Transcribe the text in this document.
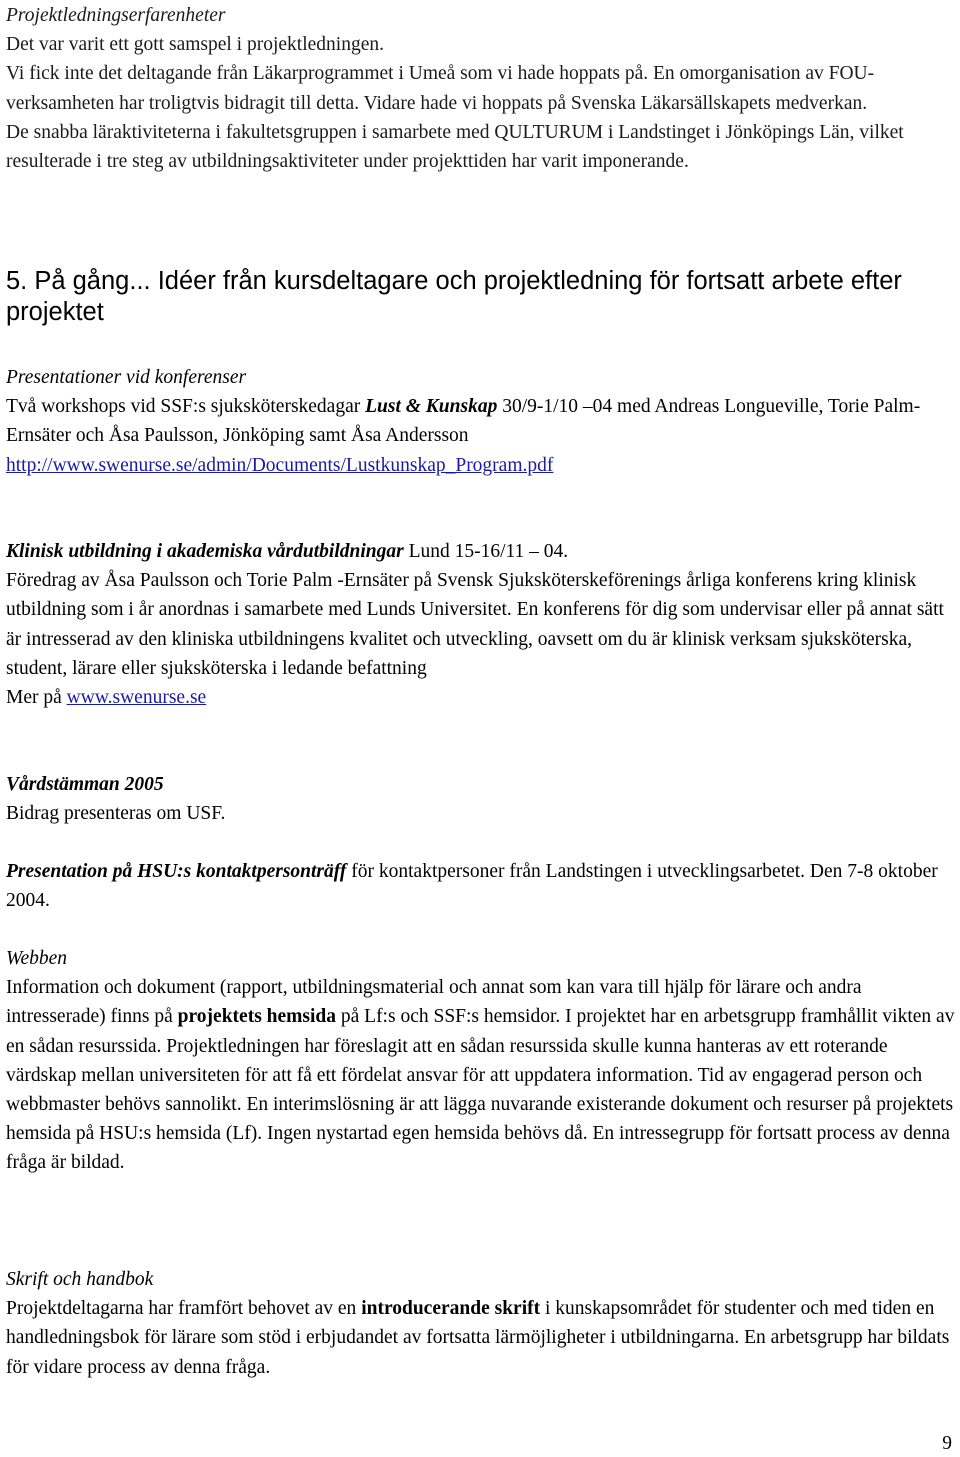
Projektledningserfarenheter

Det var varit ett gott samspel i projektledningen.

Vi fick inte det deltagande från Läkarprogrammet i Umeå som vi hade hoppats på. En omorganisation av FOU-verksamheten har troligtvis bidragit till detta. Vidare hade vi hoppats på Svenska Läkarsällskapets medverkan.

De snabba läraktiviteterna i fakultetsgruppen i samarbete med QULTURUM i Landstinget i Jönköpings Län, vilket resulterade i tre steg av utbildningsaktiviteter under projekttiden har varit imponerande.

5. På gång... Idéer från kursdeltagare och projektledning för fortsatt arbete efter projektet

Presentationer vid konferenser

Två workshops vid SSF:s sjuksköterskedagar Lust & Kunskap 30/9-1/10 –04 med Andreas Longueville, Torie Palm-Ernsäter och Åsa Paulsson, Jönköping samt Åsa Andersson

http://www.swenurse.se/admin/Documents/Lustkunskap_Program.pdf

Klinisk utbildning i akademiska vårdutbildningar Lund 15-16/11 – 04.

Föredrag av Åsa Paulsson och Torie Palm -Ernsäter på Svensk Sjuksköterskeförenings årliga konferens kring klinisk utbildning som i år anordnas i samarbete med Lunds Universitet. En konferens för dig som undervisar eller på annat sätt är intresserad av den kliniska utbildningens kvalitet och utveckling, oavsett om du är klinisk verksam sjuksköterska, student, lärare eller sjuksköterska i ledande befattning

Mer på www.swenurse.se

Vårdstämman 2005

Bidrag presenteras om USF.

Presentation på HSU:s kontaktpersonträff för kontaktpersoner från Landstingen i utvecklingsarbetet. Den 7-8 oktober 2004.

Webben

Information och dokument (rapport, utbildningsmaterial och annat som kan vara till hjälp för lärare och andra intresserade) finns på projektets hemsida på Lf:s och SSF:s hemsidor. I projektet har en arbetsgrupp framhållit vikten av en sådan resurssida. Projektledningen har föreslagit att en sådan resurssida skulle kunna hanteras av ett roterande värdskap mellan universiteten för att få ett fördelat ansvar för att uppdatera information. Tid av engagerad person och webbmaster behövs sannolikt. En interimslösning är att lägga nuvarande existerande dokument och resurser på projektets hemsida på HSU:s hemsida (Lf). Ingen nystartad egen hemsida behövs då. En intressegrupp för fortsatt process av denna fråga är bildad.

Skrift och handbok

Projektdeltagarna har framfört behovet av en introducerande skrift i kunskapsområdet för studenter och med tiden en handledningsbok för lärare som stöd i erbjudandet av fortsatta lärmöjligheter i utbildningarna. En arbetsgrupp har bildats för vidare process av denna fråga.

9
